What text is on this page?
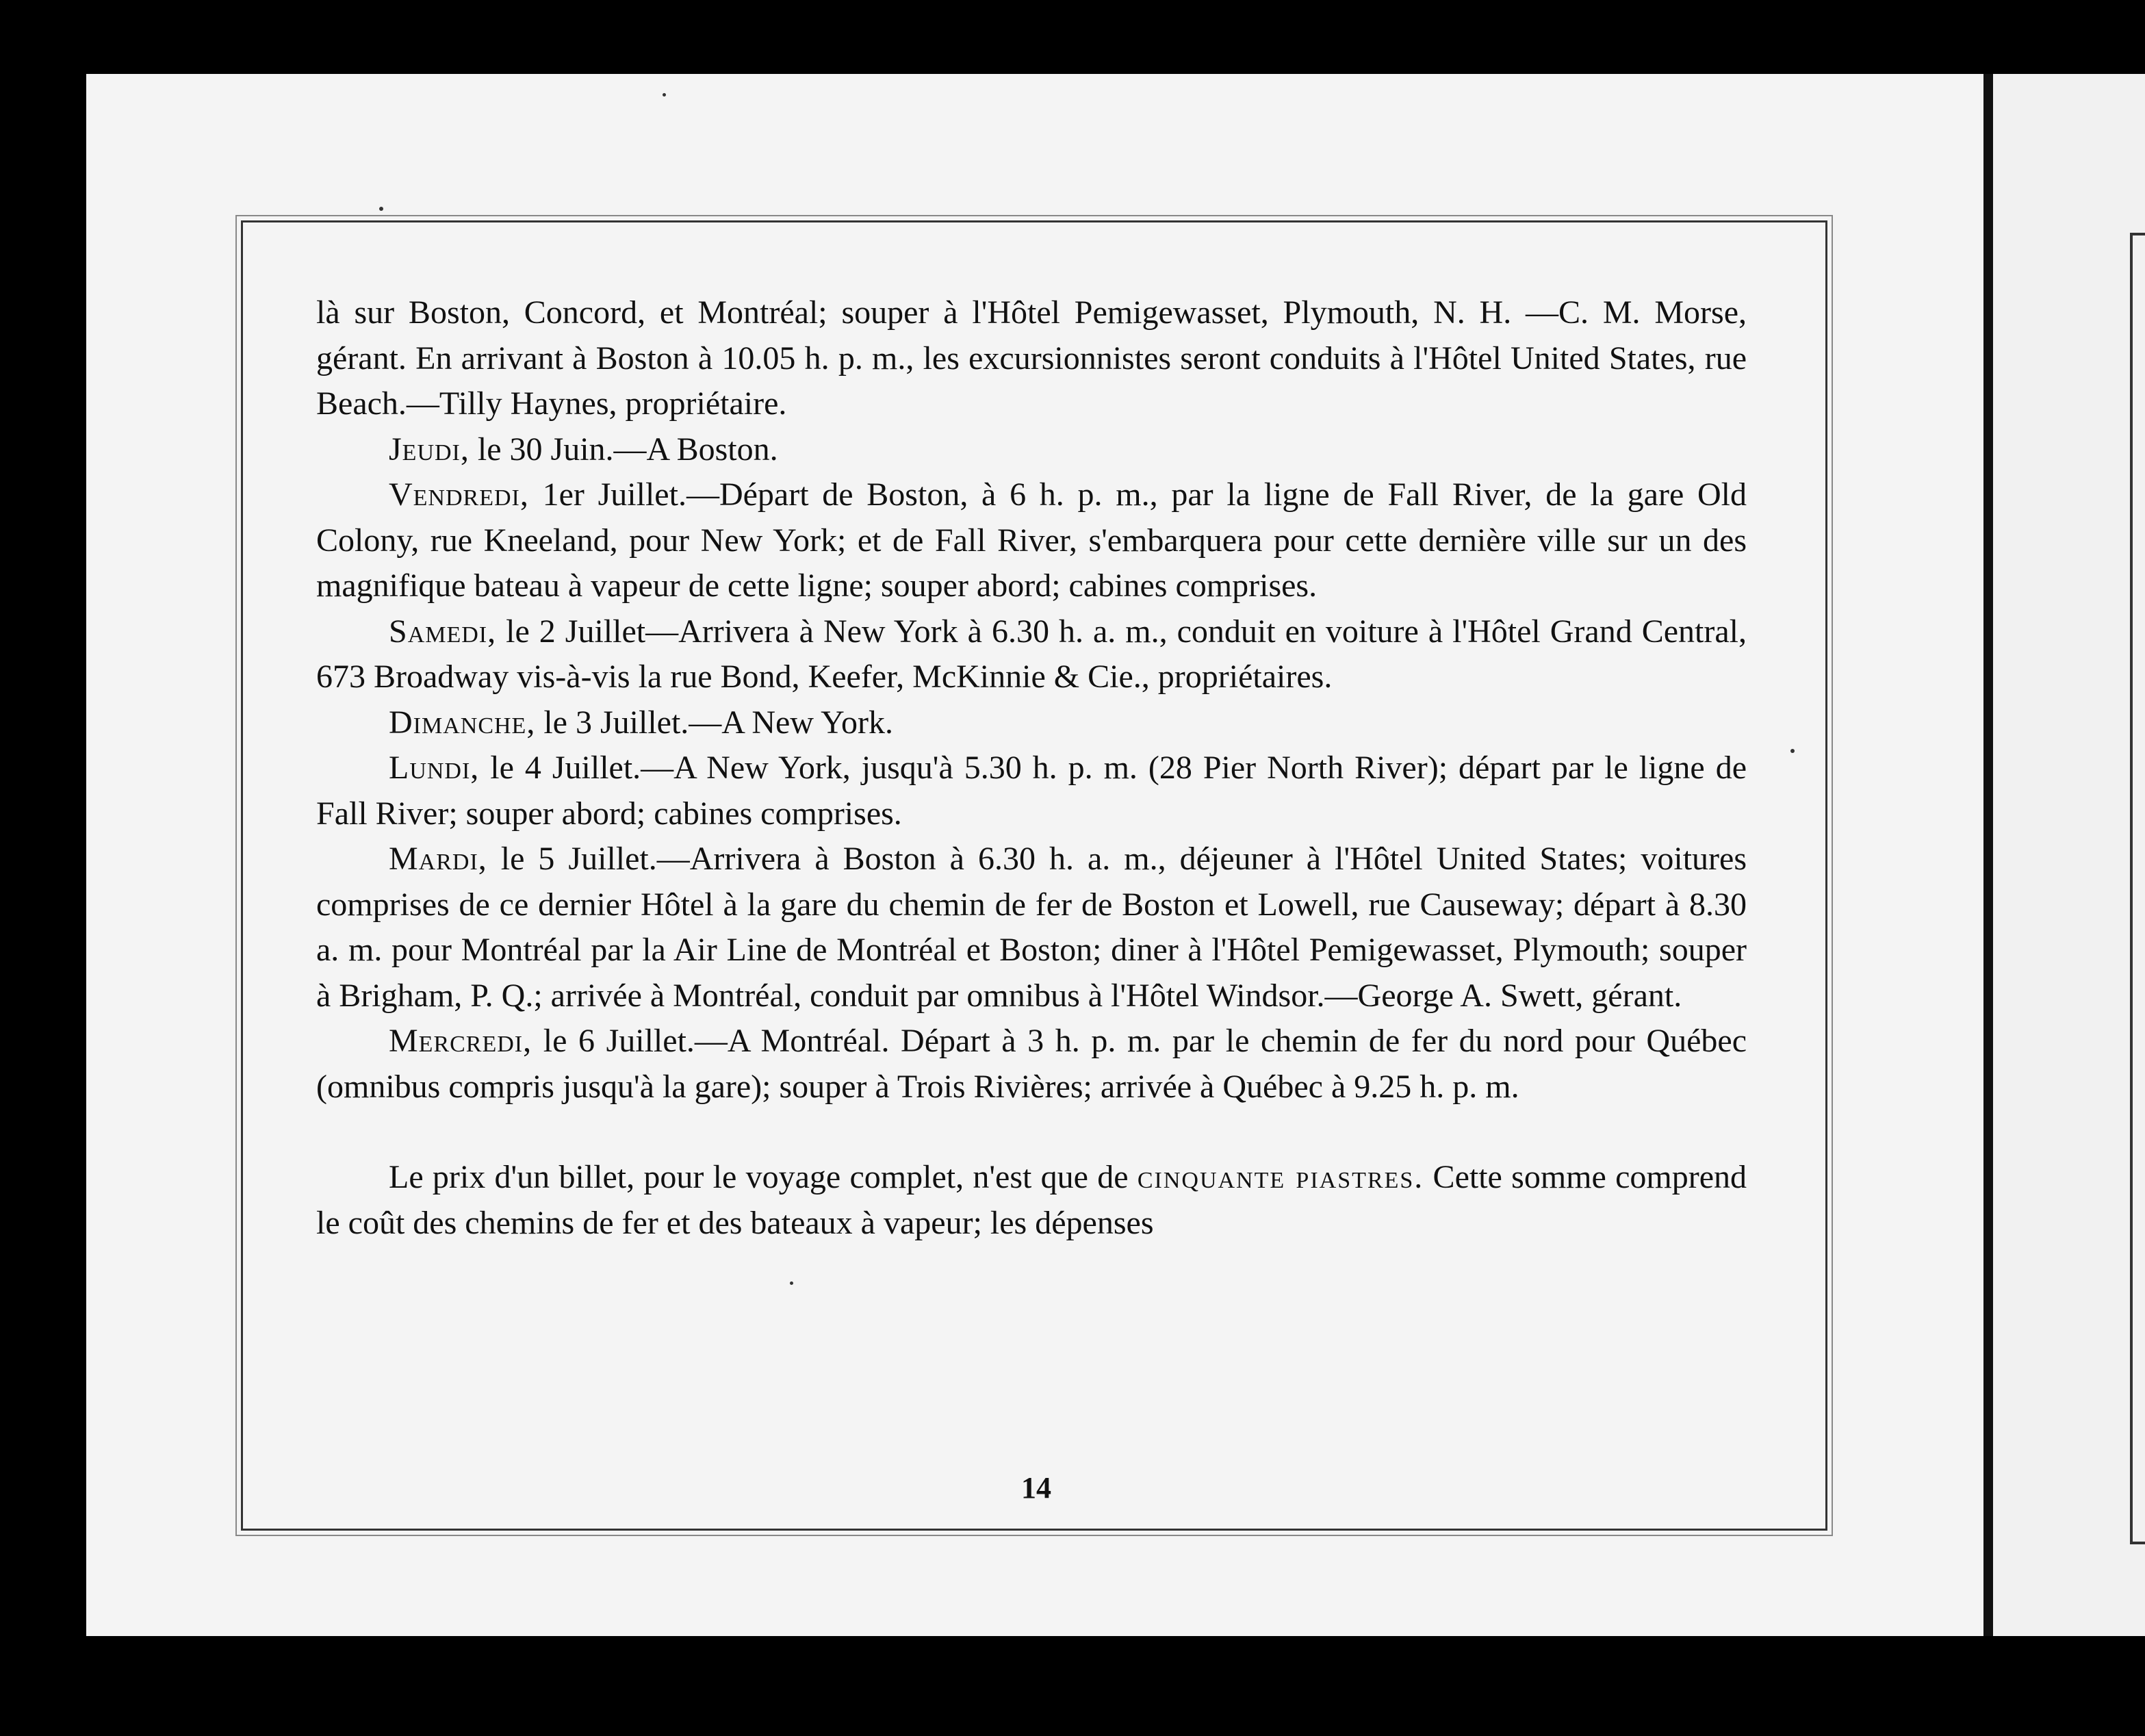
là sur Boston, Concord, et Montréal; souper à l'Hôtel Pemigewasset, Plymouth, N. H. —C. M. Morse, gérant. En arrivant à Boston à 10.05 h. p. m., les excursionnistes seront conduits à l'Hôtel United States, rue Beach.—Tilly Haynes, propriétaire.

Jeudi, le 30 Juin.—A Boston.

Vendredi, 1er Juillet.—Départ de Boston, à 6 h. p. m., par la ligne de Fall River, de la gare Old Colony, rue Kneeland, pour New York; et de Fall River, s'embarquera pour cette dernière ville sur un des magnifique bateau à vapeur de cette ligne; souper abord; cabines comprises.

Samedi, le 2 Juillet—Arrivera à New York à 6.30 h. a. m., conduit en voiture à l'Hôtel Grand Central, 673 Broadway vis-à-vis la rue Bond, Keefer, McKinnie & Cie., propriétaires.

Dimanche, le 3 Juillet.—A New York.

Lundi, le 4 Juillet.—A New York, jusqu'à 5.30 h. p. m. (28 Pier North River); départ par le ligne de Fall River; souper abord; cabines comprises.

Mardi, le 5 Juillet.—Arrivera à Boston à 6.30 h. a. m., déjeuner à l'Hôtel United States; voitures comprises de ce dernier Hôtel à la gare du chemin de fer de Boston et Lowell, rue Causeway; départ à 8.30 a. m. pour Montréal par la Air Line de Montréal et Boston; diner à l'Hôtel Pemigewasset, Plymouth; souper à Brigham, P. Q.; arrivée à Montréal, conduit par omnibus à l'Hôtel Windsor.—George A. Swett, gérant.

Mercredi, le 6 Juillet.—A Montréal. Départ à 3 h. p. m. par le chemin de fer du nord pour Québec (omnibus compris jusqu'à la gare); souper à Trois Rivières; arrivée à Québec à 9.25 h. p. m.

Le prix d'un billet, pour le voyage complet, n'est que de cinquante piastres. Cette somme comprend le coût des chemins de fer et des bateaux à vapeur; les dépenses

14
